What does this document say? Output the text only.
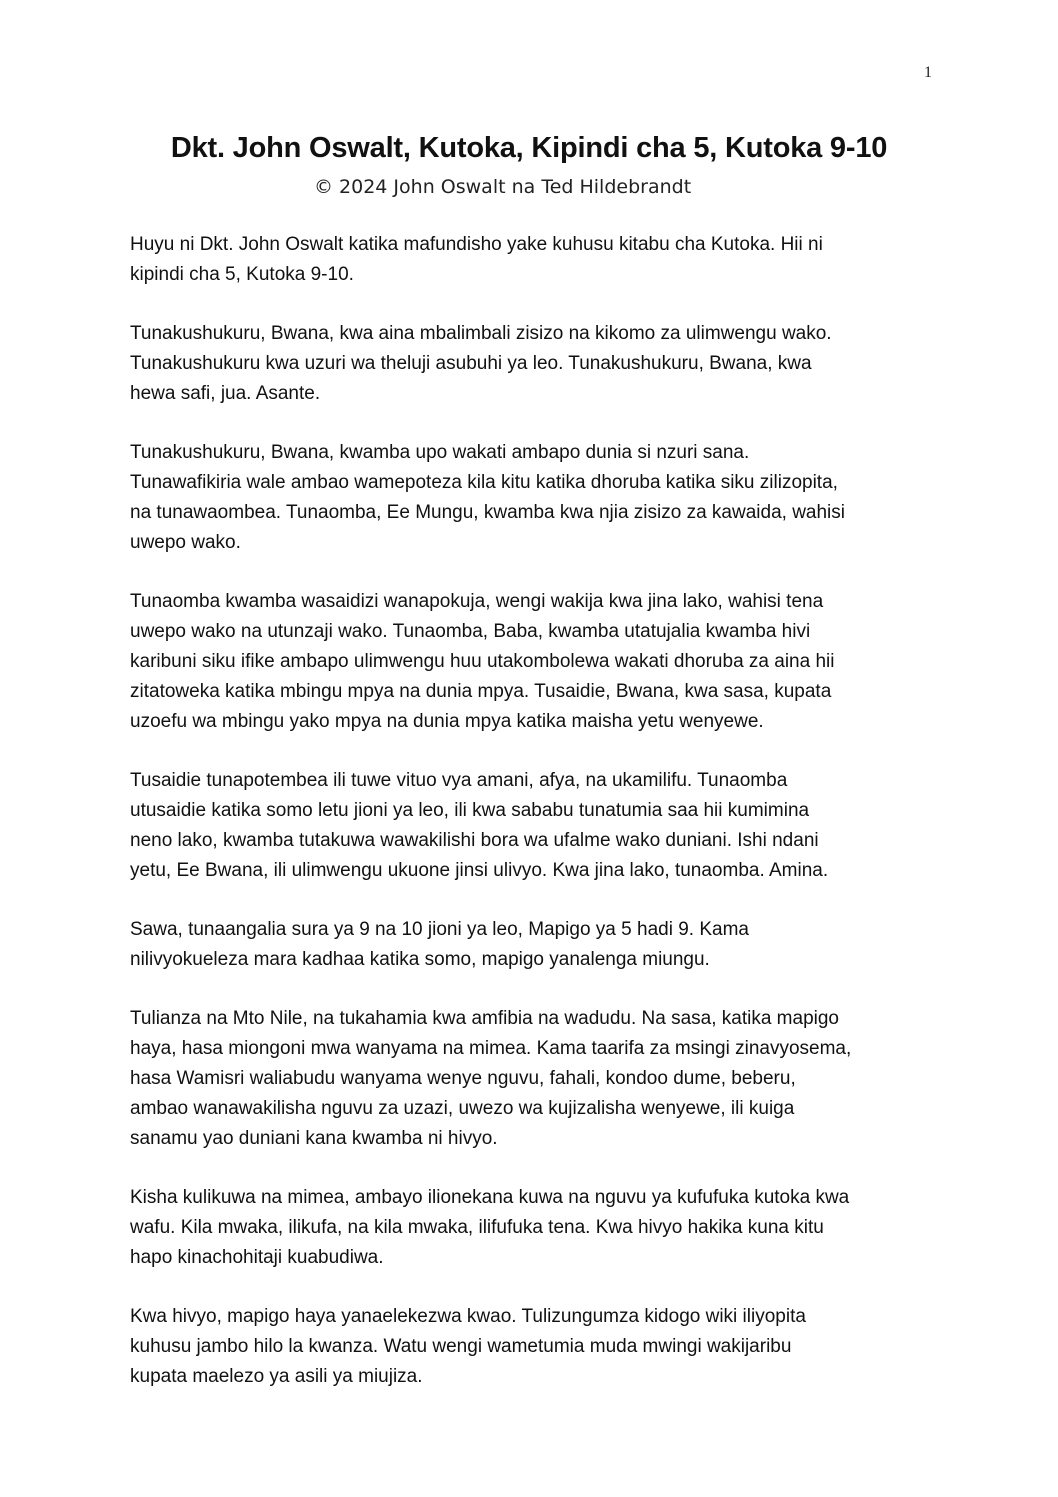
1
Dkt. John Oswalt, Kutoka, Kipindi cha 5, Kutoka 9-10
© 2024 John Oswalt na Ted Hildebrandt

Huyu ni Dkt. John Oswalt katika mafundisho yake kuhusu kitabu cha Kutoka. Hii ni
kipindi cha 5, Kutoka 9-10.

Tunakushukuru, Bwana, kwa aina mbalimbali zisizo na kikomo za ulimwengu wako.
Tunakushukuru kwa uzuri wa theluji asubuhi ya leo. Tunakushukuru, Bwana, kwa
hewa safi, jua. Asante.

Tunakushukuru, Bwana, kwamba upo wakati ambapo dunia si nzuri sana.
Tunawafikiria wale ambao wamepoteza kila kitu katika dhoruba katika siku zilizopita,
na tunawaombea. Tunaomba, Ee Mungu, kwamba kwa njia zisizo za kawaida, wahisi
uwepo wako.

Tunaomba kwamba wasaidizi wanapokuja, wengi wakija kwa jina lako, wahisi tena
uwepo wako na utunzaji wako. Tunaomba, Baba, kwamba utatujalia kwamba hivi
karibuni siku ifike ambapo ulimwengu huu utakombolewa wakati dhoruba za aina hii
zitatoweka katika mbingu mpya na dunia mpya. Tusaidie, Bwana, kwa sasa, kupata
uzoefu wa mbingu yako mpya na dunia mpya katika maisha yetu wenyewe.

Tusaidie tunapotembea ili tuwe vituo vya amani, afya, na ukamilifu. Tunaomba
utusaidie katika somo letu jioni ya leo, ili kwa sababu tunatumia saa hii kumimina
neno lako, kwamba tutakuwa wawakilishi bora wa ufalme wako duniani. Ishi ndani
yetu, Ee Bwana, ili ulimwengu ukuone jinsi ulivyo. Kwa jina lako, tunaomba. Amina.

Sawa, tunaangalia sura ya 9 na 10 jioni ya leo, Mapigo ya 5 hadi 9. Kama
nilivyokueleza mara kadhaa katika somo, mapigo yanalenga miungu.

Tulianza na Mto Nile, na tukahamia kwa amfibia na wadudu. Na sasa, katika mapigo
haya, hasa miongoni mwa wanyama na mimea. Kama taarifa za msingi zinavyosema,
hasa Wamisri waliabudu wanyama wenye nguvu, fahali, kondoo dume, beberu,
ambao wanawakilisha nguvu za uzazi, uwezo wa kujizalisha wenyewe, ili kuiga
sanamu yao duniani kana kwamba ni hivyo.

Kisha kulikuwa na mimea, ambayo ilionekana kuwa na nguvu ya kufufuka kutoka kwa
wafu. Kila mwaka, ilikufa, na kila mwaka, ilifufuka tena. Kwa hivyo hakika kuna kitu
hapo kinachohitaji kuabudiwa.

Kwa hivyo, mapigo haya yanaelekezwa kwao. Tulizungumza kidogo wiki iliyopita
kuhusu jambo hilo la kwanza. Watu wengi wametumia muda mwingi wakijaribu
kupata maelezo ya asili ya miujiza.
